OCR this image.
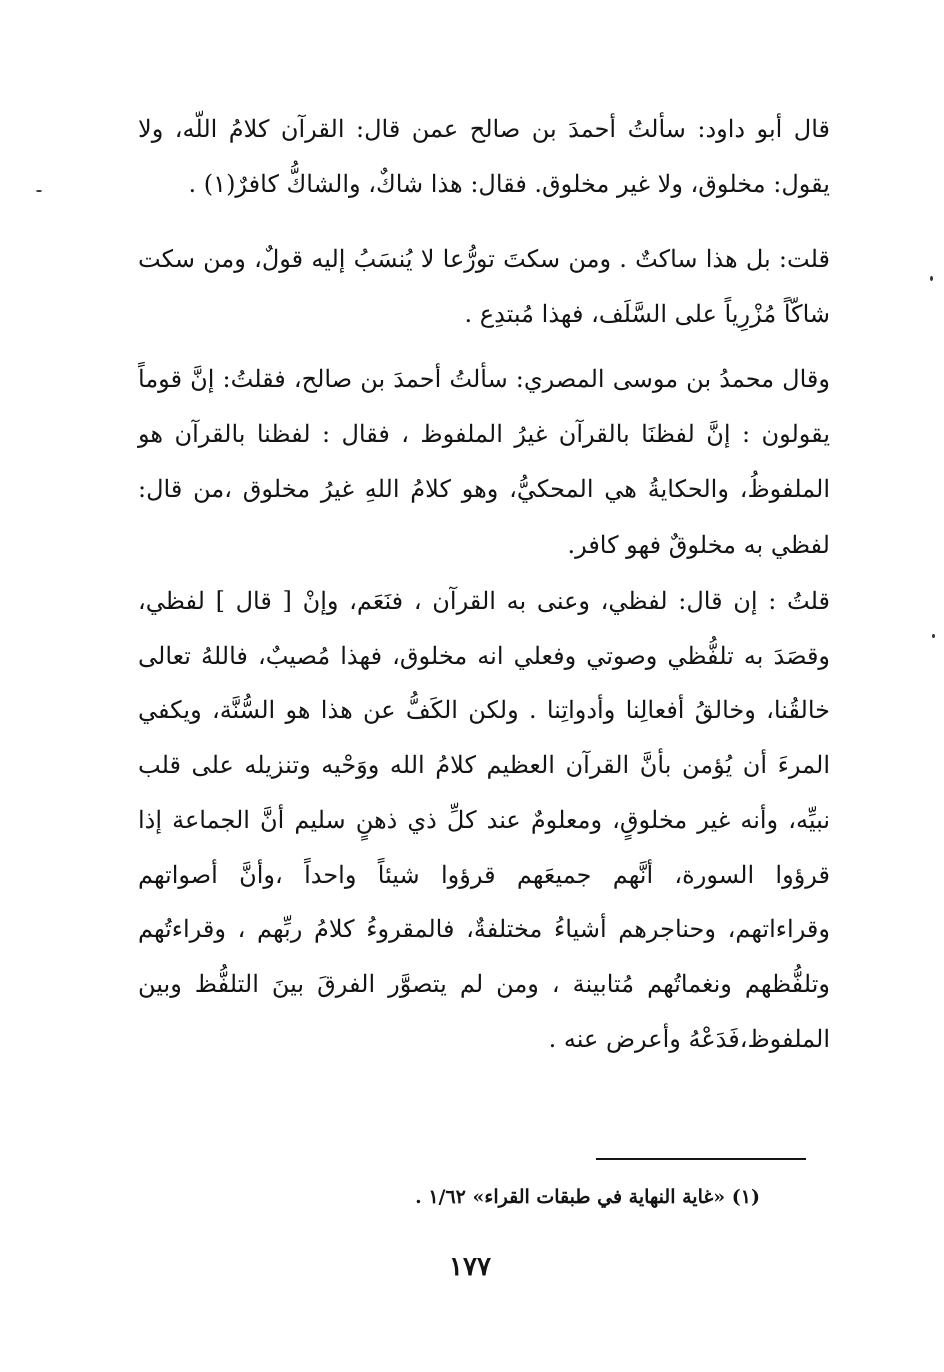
قال أبو داود: سألتُ أحمدَ بن صالح عمن قال: القرآن كلامُ اللّه، ولا يقول: مخلوق، ولا غير مخلوق. فقال: هذا شاكٌ، والشاكُّ كافرٌ(١) .

قلت: بل هذا ساكتٌ . ومن سكتَ تورُّعا لا يُنسَبُ إليه قولٌ، ومن سكت شاكّاً مُزْرِياً على السَّلَف، فهذا مُبتدِع .

وقال محمدُ بن موسى المصري: سألتُ أحمدَ بن صالح، فقلتُ: إنَّ قوماً يقولون : إنَّ لفظنَا بالقرآن غيرُ الملفوظ ، فقال : لفظنا بالقرآن هو الملفوظُ، والحكايةُ هي المحكيُّ، وهو كلامُ اللهِ غيرُ مخلوق ،من قال: لفظي به مخلوقٌ فهو كافر.

قلتُ : إن قال: لفظي، وعنى به القرآن ، فنَعَم، وإنْ [ قال ] لفظي، وقصَدَ به تلفُّظي وصوتي وفعلي انه مخلوق، فهذا مُصيبٌ، فاللهُ تعالى خالقُنا، وخالقُ أفعالِنا وأدواتِنا . ولكن الكَفُّ عن هذا هو السُّنَّة، ويكفي المرءَ أن يُؤمن بأنَّ القرآن العظيم كلامُ الله ووَحْيه وتنزيله على قلب نبيِّه، وأنه غير مخلوقٍ، ومعلومٌ عند كلِّ ذي ذهنٍ سليم أنَّ الجماعة إذا قرؤوا السورة، أنَّهم جميعَهم قرؤوا شيئاً واحداً ،وأنَّ أصواتهم وقراءاتهم، وحناجرهم أشياءُ مختلفةٌ، فالمقروءُ كلامُ ربِّهم ، وقراءتُهم وتلفُّظهم ونغماتُهم مُتابينة ، ومن لم يتصوَّر الفرقَ بينَ التلفُّظ وبين الملفوظ،فَدَعْهُ وأعرض عنه .

(١) «غاية النهاية في طبقات القراء» ١/٦٢ .
١٧٧
